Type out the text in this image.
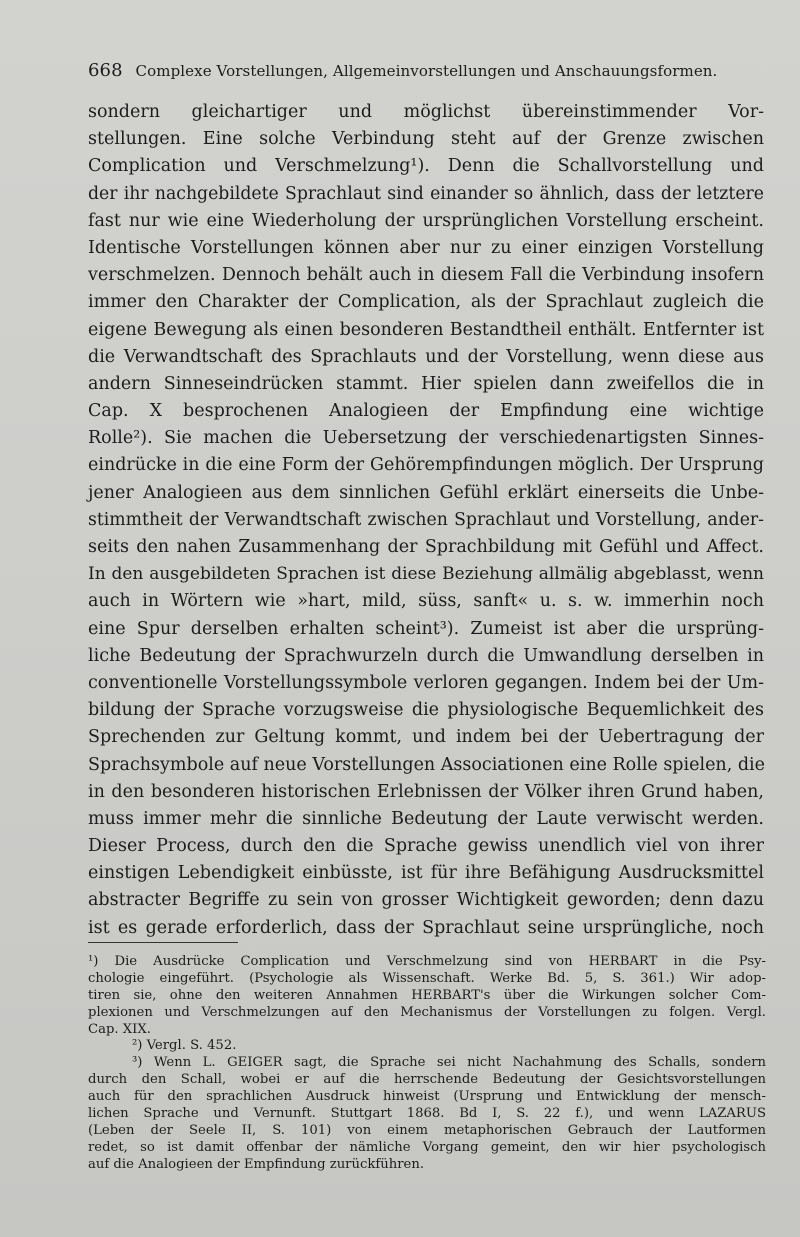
668 Complexe Vorstellungen, Allgemeinvorstellungen und Anschauungsformen.
sondern gleichartiger und möglichst übereinstimmender Vor-
stellungen. Eine solche Verbindung steht auf der Grenze zwischen
Complication und Verschmelzung¹). Denn die Schallvorstellung und
der ihr nachgebildete Sprachlaut sind einander so ähnlich, dass der letztere
fast nur wie eine Wiederholung der ursprünglichen Vorstellung erscheint.
Identische Vorstellungen können aber nur zu einer einzigen Vorstellung
verschmelzen. Dennoch behält auch in diesem Fall die Verbindung insofern
immer den Charakter der Complication, als der Sprachlaut zugleich die
eigene Bewegung als einen besonderen Bestandtheil enthält. Entfernter ist
die Verwandtschaft des Sprachlauts und der Vorstellung, wenn diese aus
andern Sinneseindrücken stammt. Hier spielen dann zweifellos die in
Cap. X besprochenen Analogieen der Empfindung eine wichtige
Rolle²). Sie machen die Uebersetzung der verschiedenartigsten Sinnes-
eindrücke in die eine Form der Gehörempfindungen möglich. Der Ursprung
jener Analogieen aus dem sinnlichen Gefühl erklärt einerseits die Unbe-
stimmtheit der Verwandtschaft zwischen Sprachlaut und Vorstellung, ander-
seits den nahen Zusammenhang der Sprachbildung mit Gefühl und Affect.
In den ausgebildeten Sprachen ist diese Beziehung allmälig abgeblasst, wenn
auch in Wörtern wie »hart, mild, süss, sanft« u. s. w. immerhin noch
eine Spur derselben erhalten scheint³). Zumeist ist aber die ursprüng-
liche Bedeutung der Sprachwurzeln durch die Umwandlung derselben in
conventionelle Vorstellungssymbole verloren gegangen. Indem bei der Um-
bildung der Sprache vorzugsweise die physiologische Bequemlichkeit des
Sprechenden zur Geltung kommt, und indem bei der Uebertragung der
Sprachsymbole auf neue Vorstellungen Associationen eine Rolle spielen, die
in den besonderen historischen Erlebnissen der Völker ihren Grund haben,
muss immer mehr die sinnliche Bedeutung der Laute verwischt werden.
Dieser Process, durch den die Sprache gewiss unendlich viel von ihrer
einstigen Lebendigkeit einbüsste, ist für ihre Befähigung Ausdrucksmittel
abstracter Begriffe zu sein von grosser Wichtigkeit geworden; denn dazu
ist es gerade erforderlich, dass der Sprachlaut seine ursprüngliche, noch
¹) Die Ausdrücke Complication und Verschmelzung sind von HERBART in die Psy-
chologie eingeführt. (Psychologie als Wissenschaft. Werke Bd. 5, S. 361.) Wir adop-
tiren sie, ohne den weiteren Annahmen HERBART's über die Wirkungen solcher Com-
plexionen und Verschmelzungen auf den Mechanismus der Vorstellungen zu folgen. Vergl.
Cap. XIX.
²) Vergl. S. 452.
³) Wenn L. GEIGER sagt, die Sprache sei nicht Nachahmung des Schalls, sondern
durch den Schall, wobei er auf die herrschende Bedeutung der Gesichtsvorstellungen
auch für den sprachlichen Ausdruck hinweist (Ursprung und Entwicklung der mensch-
lichen Sprache und Vernunft. Stuttgart 1868. Bd I, S. 22 f.), und wenn LAZARUS
(Leben der Seele II, S. 101) von einem metaphorischen Gebrauch der Lautformen
redet, so ist damit offenbar der nämliche Vorgang gemeint, den wir hier psychologisch
auf die Analogieen der Empfindung zurückführen.
